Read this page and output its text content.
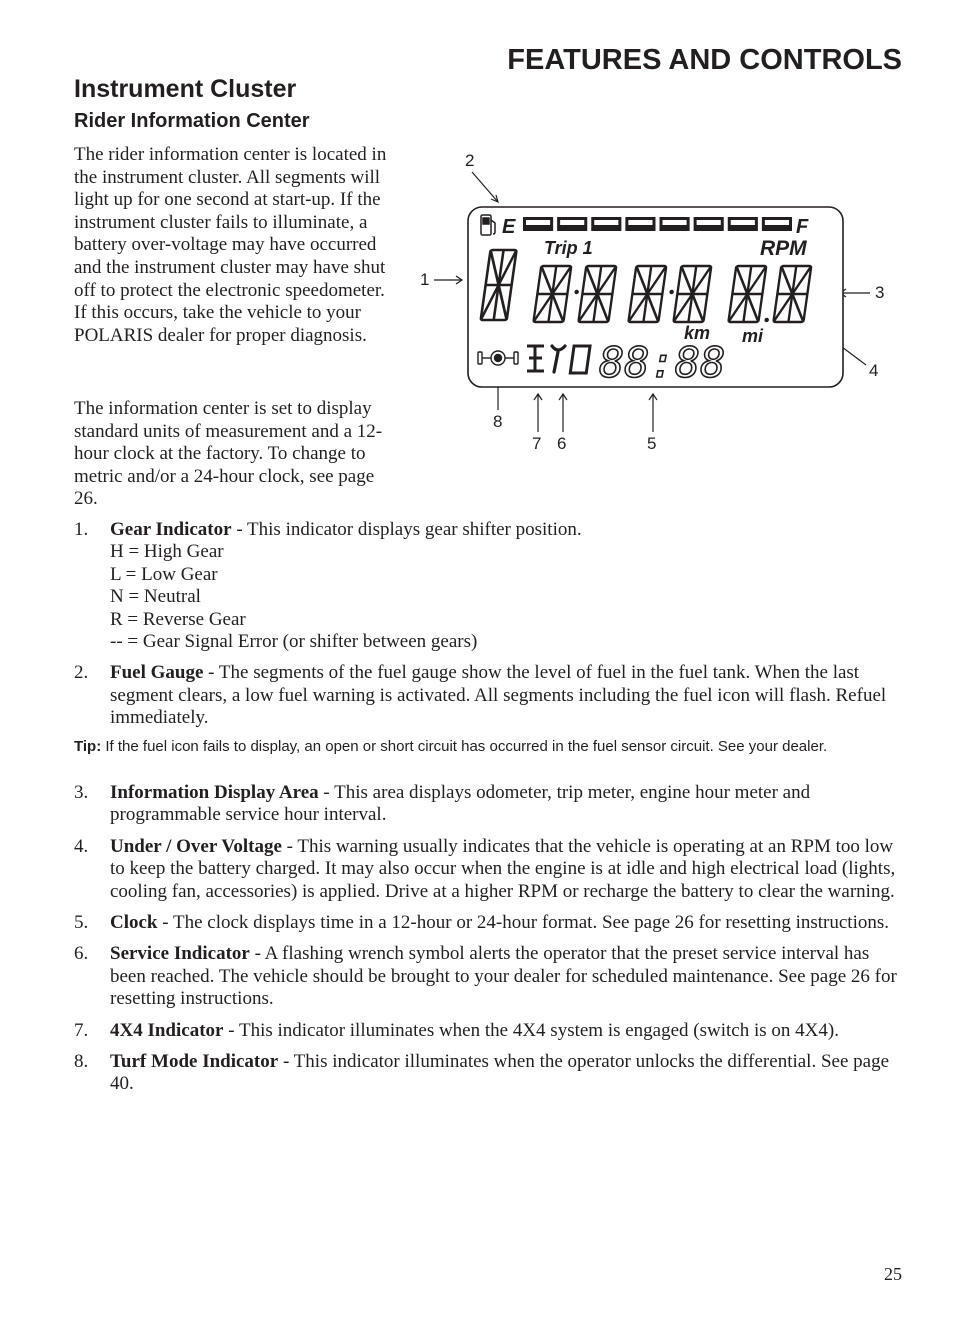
FEATURES AND CONTROLS
Instrument Cluster
Rider Information Center

The rider information center is located in the instrument cluster. All segments will light up for one second at start-up. If the instrument cluster fails to illuminate, a battery over-voltage may have occurred and the instrument cluster may have shut off to protect the electronic speedometer. If this occurs, take the vehicle to your POLARIS dealer for proper diagnosis.

The information center is set to display standard units of measurement and a 12-hour clock at the factory. To change to metric and/or a 24-hour clock, see page 26.

2
1
3
4
8
7 6	5
E	F
Trip 1	RPM
km mi
88:88
1.	Gear Indicator - This indicator displays gear shifter position.
H = High Gear
L = Low Gear
N = Neutral
R = Reverse Gear
-- = Gear Signal Error (or shifter between gears)
2.	Fuel Gauge - The segments of the fuel gauge show the level of fuel in the fuel tank. When the last segment clears, a low fuel warning is activated. All segments including the fuel icon will flash. Refuel immediately.

Tip: If the fuel icon fails to display, an open or short circuit has occurred in the fuel sensor circuit. See your dealer.

3.	Information Display Area - This area displays odometer, trip meter, engine hour meter and programmable service hour interval.
4.	Under / Over Voltage - This warning usually indicates that the vehicle is operating at an RPM too low to keep the battery charged. It may also occur when the engine is at idle and high electrical load (lights, cooling fan, accessories) is applied. Drive at a higher RPM or recharge the battery to clear the warning.
5.	Clock - The clock displays time in a 12-hour or 24-hour format. See page 26 for resetting instructions.
6.	Service Indicator - A flashing wrench symbol alerts the operator that the preset service interval has been reached. The vehicle should be brought to your dealer for scheduled maintenance. See page 26 for resetting instructions.
7.	4X4 Indicator - This indicator illuminates when the 4X4 system is engaged (switch is on 4X4).
8.	Turf Mode Indicator - This indicator illuminates when the operator unlocks the differential. See page 40.

25
